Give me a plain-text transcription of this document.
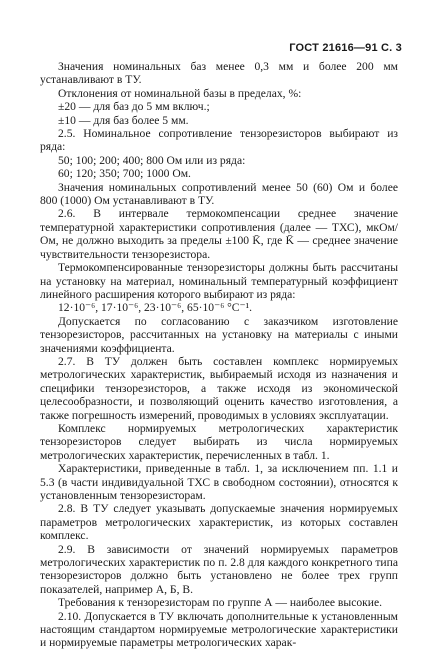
ГОСТ 21616—91 С. 3

Значения номинальных баз менее 0,3 мм и более 200 мм устанавливают в ТУ.

Отклонения от номинальной базы в пределах, %:

±20 — для баз до 5 мм включ.;

±10 — для баз более 5 мм.

2.5. Номинальное сопротивление тензорезисторов выбирают из ряда:

50; 100; 200; 400; 800 Ом или из ряда:

60; 120; 350; 700; 1000 Ом.

Значения номинальных сопротивлений менее 50 (60) Ом и более 800 (1000) Ом устанавливают в ТУ.

2.6. В интервале термокомпенсации среднее значение температурной характеристики сопротивления (далее — ТХС), мкОм/Ом, не должно выходить за пределы ±100 K̄, где K̄ — среднее значение чувствительности тензорезистора.

Термокомпенсированные тензорезисторы должны быть рассчитаны на установку на материал, номинальный температурный коэффициент линейного расширения которого выбирают из ряда:

12·10⁻⁶, 17·10⁻⁶, 23·10⁻⁶, 65·10⁻⁶ °С⁻¹.

Допускается по согласованию с заказчиком изготовление тензорезисторов, рассчитанных на установку на материалы с иными значениями коэффициента.

2.7. В ТУ должен быть составлен комплекс нормируемых метрологических характеристик, выбираемый исходя из назначения и специфики тензорезисторов, а также исходя из экономической целесообразности, и позволяющий оценить качество изготовления, а также погрешность измерений, проводимых в условиях эксплуатации.

Комплекс нормируемых метрологических характеристик тензорезисторов следует выбирать из числа нормируемых метрологических характеристик, перечисленных в табл. 1.

Характеристики, приведенные в табл. 1, за исключением пп. 1.1 и 5.3 (в части индивидуальной ТХС в свободном состоянии), относятся к установленным тензорезисторам.

2.8. В ТУ следует указывать допускаемые значения нормируемых параметров метрологических характеристик, из которых составлен комплекс.

2.9. В зависимости от значений нормируемых параметров метрологических характеристик по п. 2.8 для каждого конкретного типа тензорезисторов должно быть установлено не более трех групп показателей, например А, Б, В.

Требования к тензорезисторам по группе А — наиболее высокие.

2.10. Допускается в ТУ включать дополнительные к установленным настоящим стандартом нормируемые метрологические характеристики и нормируемые параметры метрологических харак-
